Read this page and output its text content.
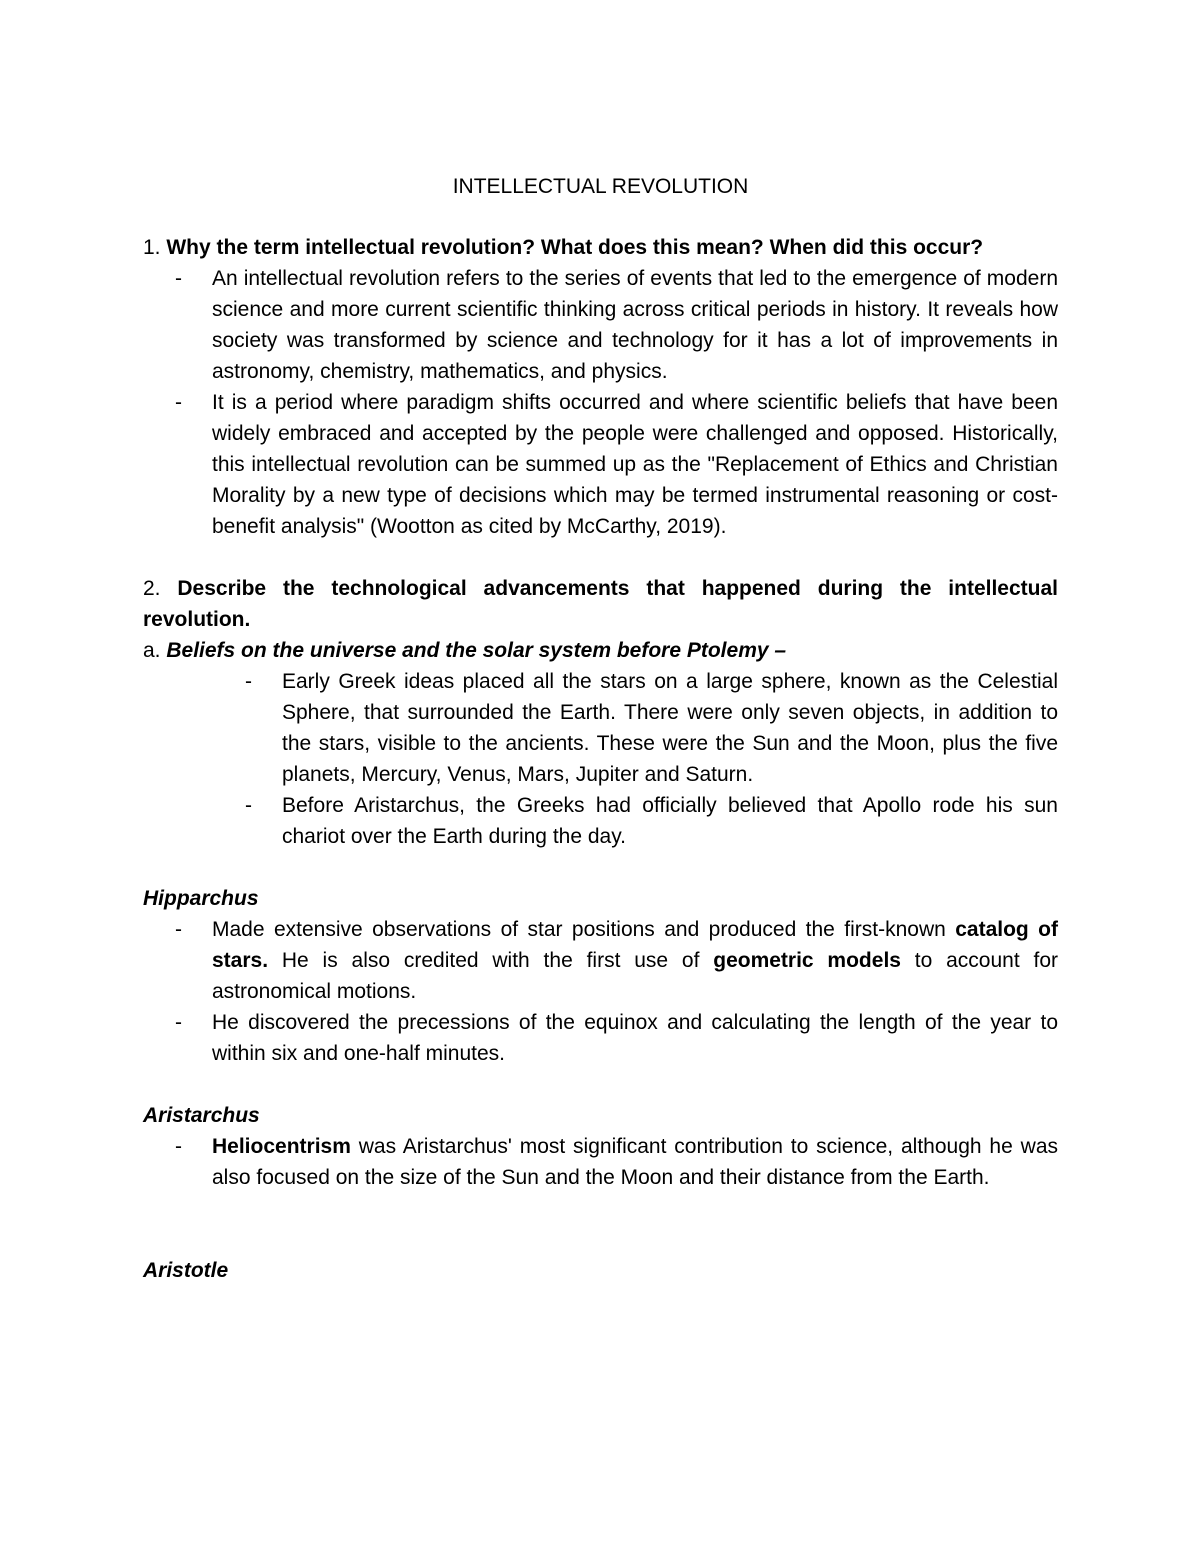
INTELLECTUAL REVOLUTION

1. Why the term intellectual revolution? What does this mean? When did this occur?

- An intellectual revolution refers to the series of events that led to the emergence of modern science and more current scientific thinking across critical periods in history. It reveals how society was transformed by science and technology for it has a lot of improvements in astronomy, chemistry, mathematics, and physics.
- It is a period where paradigm shifts occurred and where scientific beliefs that have been widely embraced and accepted by the people were challenged and opposed. Historically, this intellectual revolution can be summed up as the "Replacement of Ethics and Christian Morality by a new type of decisions which may be termed instrumental reasoning or cost-benefit analysis" (Wootton as cited by McCarthy, 2019).

2. Describe the technological advancements that happened during the intellectual revolution.

a. Beliefs on the universe and the solar system before Ptolemy –

- Early Greek ideas placed all the stars on a large sphere, known as the Celestial Sphere, that surrounded the Earth. There were only seven objects, in addition to the stars, visible to the ancients. These were the Sun and the Moon, plus the five planets, Mercury, Venus, Mars, Jupiter and Saturn.
- Before Aristarchus, the Greeks had officially believed that Apollo rode his sun chariot over the Earth during the day.

Hipparchus

- Made extensive observations of star positions and produced the first-known catalog of stars. He is also credited with the first use of geometric models to account for astronomical motions.
- He discovered the precessions of the equinox and calculating the length of the year to within six and one-half minutes.

Aristarchus

- Heliocentrism was Aristarchus' most significant contribution to science, although he was also focused on the size of the Sun and the Moon and their distance from the Earth.

Aristotle
